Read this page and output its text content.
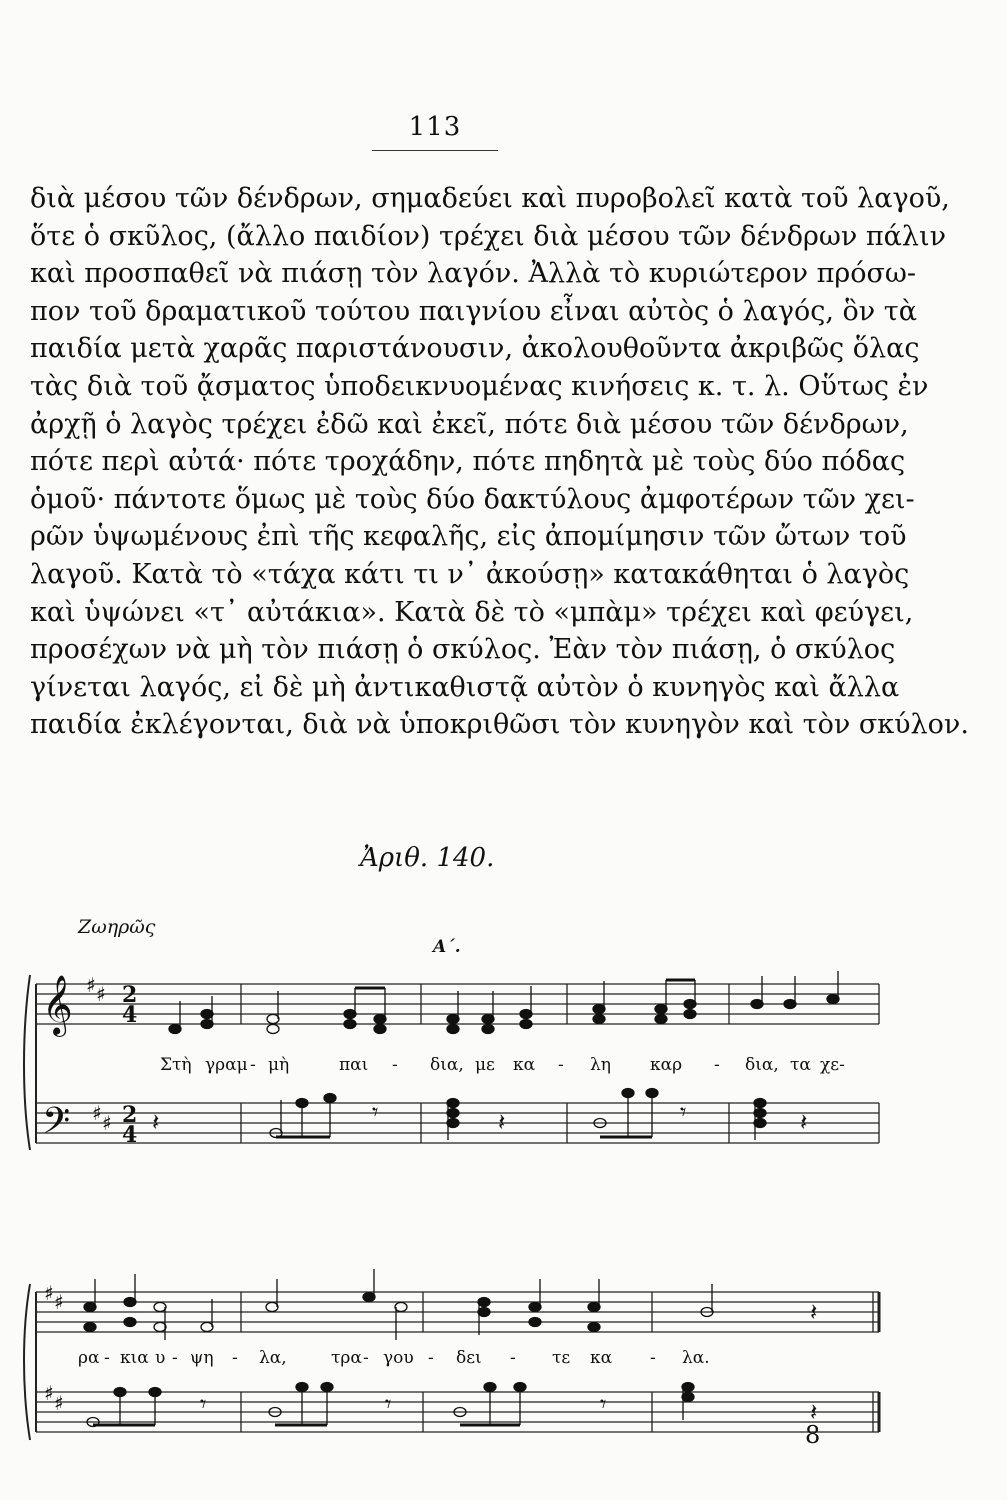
113
διὰ μέσου τῶν δένδρων, σημαδεύει καὶ πυροβολεῖ κατὰ τοῦ λαγοῦ,
ὅτε ὁ σκῦλος, (ἄλλο παιδίον) τρέχει διὰ μέσου τῶν δένδρων πάλιν
καὶ προσπαθεῖ νὰ πιάσῃ τὸν λαγόν. Ἀλλὰ τὸ κυριώτερον πρόσω-
πον τοῦ δραματικοῦ τούτου παιγνίου εἶναι αὐτὸς ὁ λαγός, ὃν τὰ
παιδία μετὰ χαρᾶς παριστάνουσιν, ἀκολουθοῦντα ἀκριβῶς ὅλας
τὰς διὰ τοῦ ᾄσματος ὑποδεικνυομένας κινήσεις κ. τ. λ. Οὕτως ἐν
ἀρχῇ ὁ λαγὸς τρέχει ἐδῶ καὶ ἐκεῖ, πότε διὰ μέσου τῶν δένδρων,
πότε περὶ αὐτά· πότε τροχάδην, πότε πηδητὰ μὲ τοὺς δύο πόδας
ὁμοῦ· πάντοτε ὅμως μὲ τοὺς δύο δακτύλους ἀμφοτέρων τῶν χει-
ρῶν ὑψωμένους ἐπὶ τῆς κεφαλῆς, εἰς ἀπομίμησιν τῶν ὤτων τοῦ
λαγοῦ. Κατὰ τὸ «τάχα κάτι τι ν᾿ ἀκούσῃ» κατακάθηται ὁ λαγὸς
καὶ ὑψώνει «τ᾿ αὐτάκια». Κατὰ δὲ τὸ «μπὰμ» τρέχει καὶ φεύγει,
προσέχων νὰ μὴ τὸν πιάσῃ ὁ σκύλος. Ἐὰν τὸν πιάσῃ, ὁ σκύλος
γίνεται λαγός, εἰ δὲ μὴ ἀντικαθιστᾷ αὐτὸν ὁ κυνηγὸς καὶ ἄλλα
παιδία ἐκλέγονται, διὰ νὰ ὑποκριθῶσι τὸν κυνηγὸν καὶ τὸν σκύλον.
Ἀριθ. 140.
Ζωηρῶς
Α΄.
𝄞
𝄢
♯ ♯
♯ ♯
♯ ♯
♯ ♯
2
4
2
4 𝄽	𝄾	𝄽	𝄾	𝄽
𝄽
𝄾	𝄾	𝄾	𝄽
Στὴ γραμ - μὴ	παι - δια, με κα - λη καρ - δια, τα χε-
ρα - κια υ - ψη - λα,	τρα - γου - δει - τε κα - λα.
8
